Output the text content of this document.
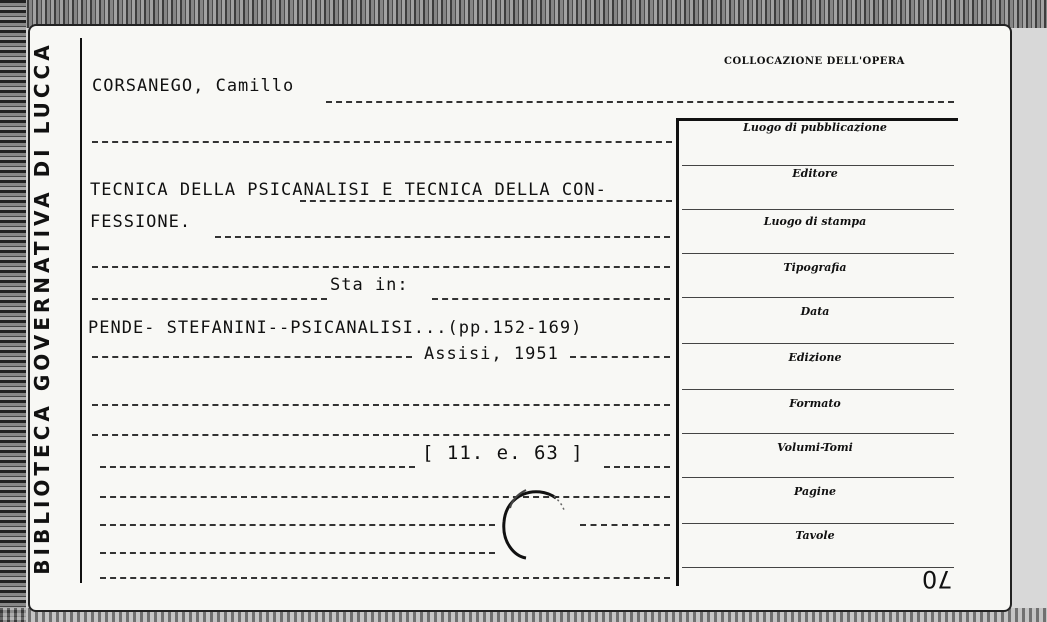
BIBLIOTECA GOVERNATIVA DI LUCCA CORSANEGO, Camillo
TECNICA DELLA PSICANALISI E TECNICA DELLA CON-
FESSIONE.
Sta in:
PENDE- STEFANINI--PSICANALISI...(pp.152-169)
Assisi, 1951
[ 11. e. 63 ]
COLLOCAZIONE DELL'OPERA
Luogo di pubblicazione
Editore
Luogo di stampa
Tipografia
Data
Edizione
Formato
Volumi-Tomi
Pagine
Tavole
70
